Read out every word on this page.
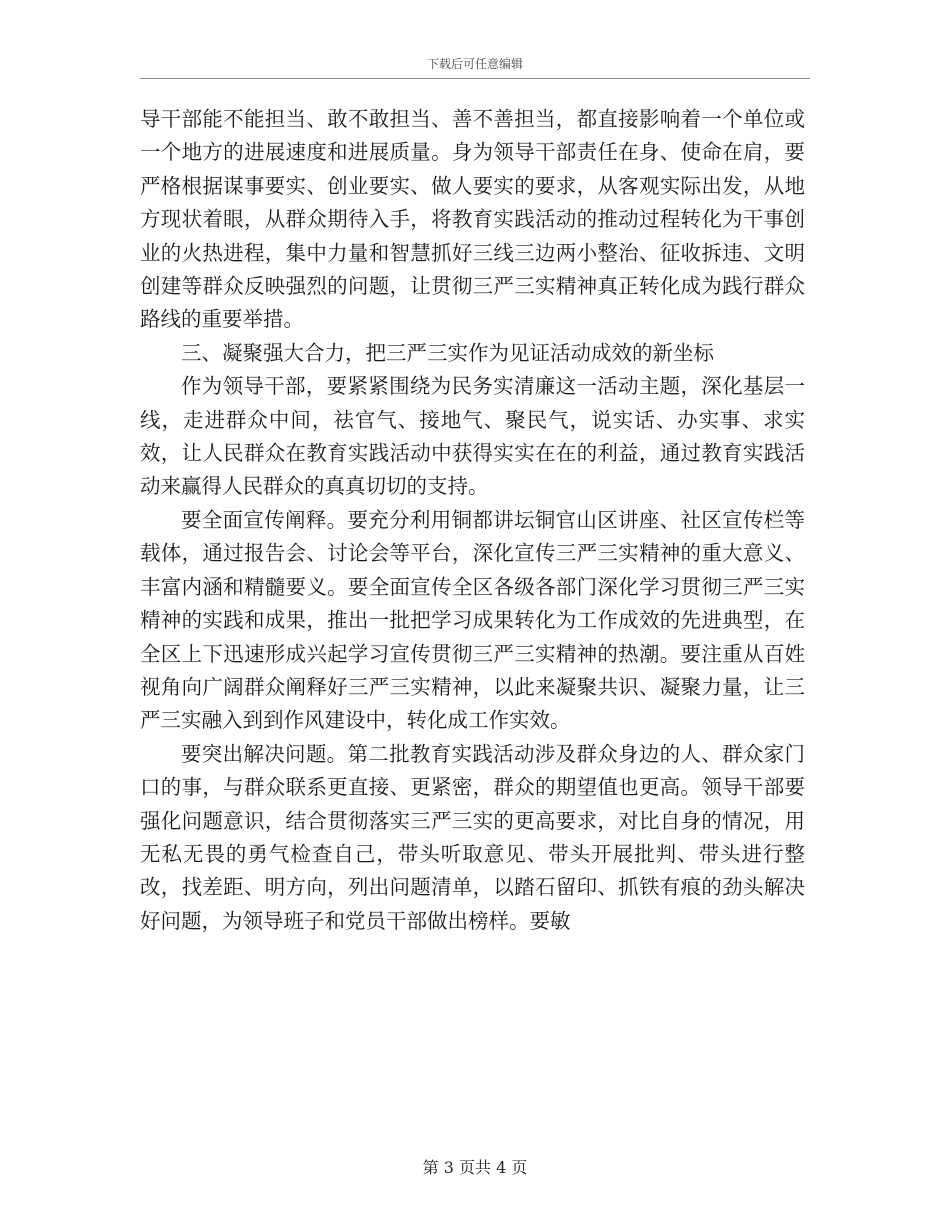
下载后可任意编辑

导干部能不能担当、敢不敢担当、善不善担当，都直接影响着一个单位或一个地方的进展速度和进展质量。身为领导干部责任在身、使命在肩，要严格根据谋事要实、创业要实、做人要实的要求，从客观实际出发，从地方现状着眼，从群众期待入手，将教育实践活动的推动过程转化为干事创业的火热进程，集中力量和智慧抓好三线三边两小整治、征收拆违、文明创建等群众反映强烈的问题，让贯彻三严三实精神真正转化成为践行群众路线的重要举措。

三、凝聚强大合力，把三严三实作为见证活动成效的新坐标

作为领导干部，要紧紧围绕为民务实清廉这一活动主题，深化基层一线，走进群众中间，祛官气、接地气、聚民气，说实话、办实事、求实效，让人民群众在教育实践活动中获得实实在在的利益，通过教育实践活动来赢得人民群众的真真切切的支持。

要全面宣传阐释。要充分利用铜都讲坛铜官山区讲座、社区宣传栏等载体，通过报告会、讨论会等平台，深化宣传三严三实精神的重大意义、丰富内涵和精髓要义。要全面宣传全区各级各部门深化学习贯彻三严三实精神的实践和成果，推出一批把学习成果转化为工作成效的先进典型，在全区上下迅速形成兴起学习宣传贯彻三严三实精神的热潮。要注重从百姓视角向广阔群众阐释好三严三实精神，以此来凝聚共识、凝聚力量，让三严三实融入到到作风建设中，转化成工作实效。

要突出解决问题。第二批教育实践活动涉及群众身边的人、群众家门口的事，与群众联系更直接、更紧密，群众的期望值也更高。领导干部要强化问题意识，结合贯彻落实三严三实的更高要求，对比自身的情况，用无私无畏的勇气检查自己，带头听取意见、带头开展批判、带头进行整改，找差距、明方向，列出问题清单，以踏石留印、抓铁有痕的劲头解决好问题，为领导班子和党员干部做出榜样。要敏

第 3 页共 4 页
